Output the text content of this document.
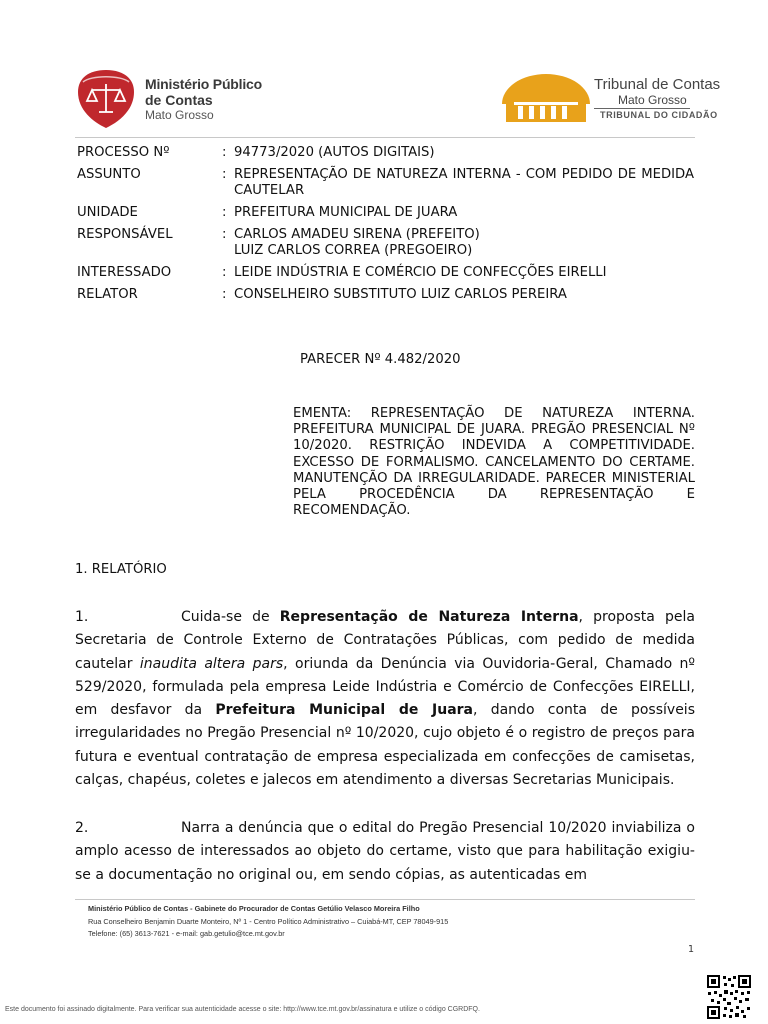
Ministério Público
de Contas
Mato Grosso
Tribunal de Contas
Mato Grosso
TRIBUNAL DO CIDADÃO
PROCESSO Nº	: 94773/2020 (AUTOS DIGITAIS)
ASSUNTO	: REPRESENTAÇÃO DE NATUREZA INTERNA - COM PEDIDO DE MEDIDA CAUTELAR
UNIDADE	: PREFEITURA MUNICIPAL DE JUARA
RESPONSÁVEL	: CARLOS AMADEU SIRENA (PREFEITO)
LUIZ CARLOS CORREA (PREGOEIRO)
INTERESSADO	: LEIDE INDÚSTRIA E COMÉRCIO DE CONFECÇÕES EIRELLI
RELATOR	: CONSELHEIRO SUBSTITUTO LUIZ CARLOS PEREIRA
PARECER Nº 4.482/2020
EMENTA: REPRESENTAÇÃO DE NATUREZA INTERNA. PREFEITURA MUNICIPAL DE JUARA. PREGÃO PRESENCIAL Nº 10/2020. RESTRIÇÃO INDEVIDA A COMPETITIVIDADE. EXCESSO DE FORMALISMO. CANCELAMENTO DO CERTAME. MANUTENÇÃO DA IRREGULARIDADE. PARECER MINISTERIAL PELA PROCEDÊNCIA DA REPRESENTAÇÃO E RECOMENDAÇÃO.
1. RELATÓRIO
1.	Cuida-se de Representação de Natureza Interna, proposta pela Secretaria de Controle Externo de Contratações Públicas, com pedido de medida cautelar inaudita altera pars, oriunda da Denúncia via Ouvidoria-Geral, Chamado nº 529/2020, formulada pela empresa Leide Indústria e Comércio de Confecções EIRELLI, em desfavor da Prefeitura Municipal de Juara, dando conta de possíveis irregularidades no Pregão Presencial nº 10/2020, cujo objeto é o registro de preços para futura e eventual contratação de empresa especializada em confecções de camisetas, calças, chapéus, coletes e jalecos em atendimento a diversas Secretarias Municipais.
2.	Narra a denúncia que o edital do Pregão Presencial 10/2020 inviabiliza o amplo acesso de interessados ao objeto do certame, visto que para habilitação exigiu-se a documentação no original ou, em sendo cópias, as autenticadas em
Ministério Público de Contas - Gabinete do Procurador de Contas Getúlio Velasco Moreira Filho
Rua Conselheiro Benjamin Duarte Monteiro, Nº 1 - Centro Político Administrativo – Cuiabá-MT, CEP 78049-915
Telefone: (65) 3613-7621 - e-mail: gab.getulio@tce.mt.gov.br
1
Este documento foi assinado digitalmente. Para verificar sua autenticidade acesse o site: http://www.tce.mt.gov.br/assinatura e utilize o código CGRDFQ.
